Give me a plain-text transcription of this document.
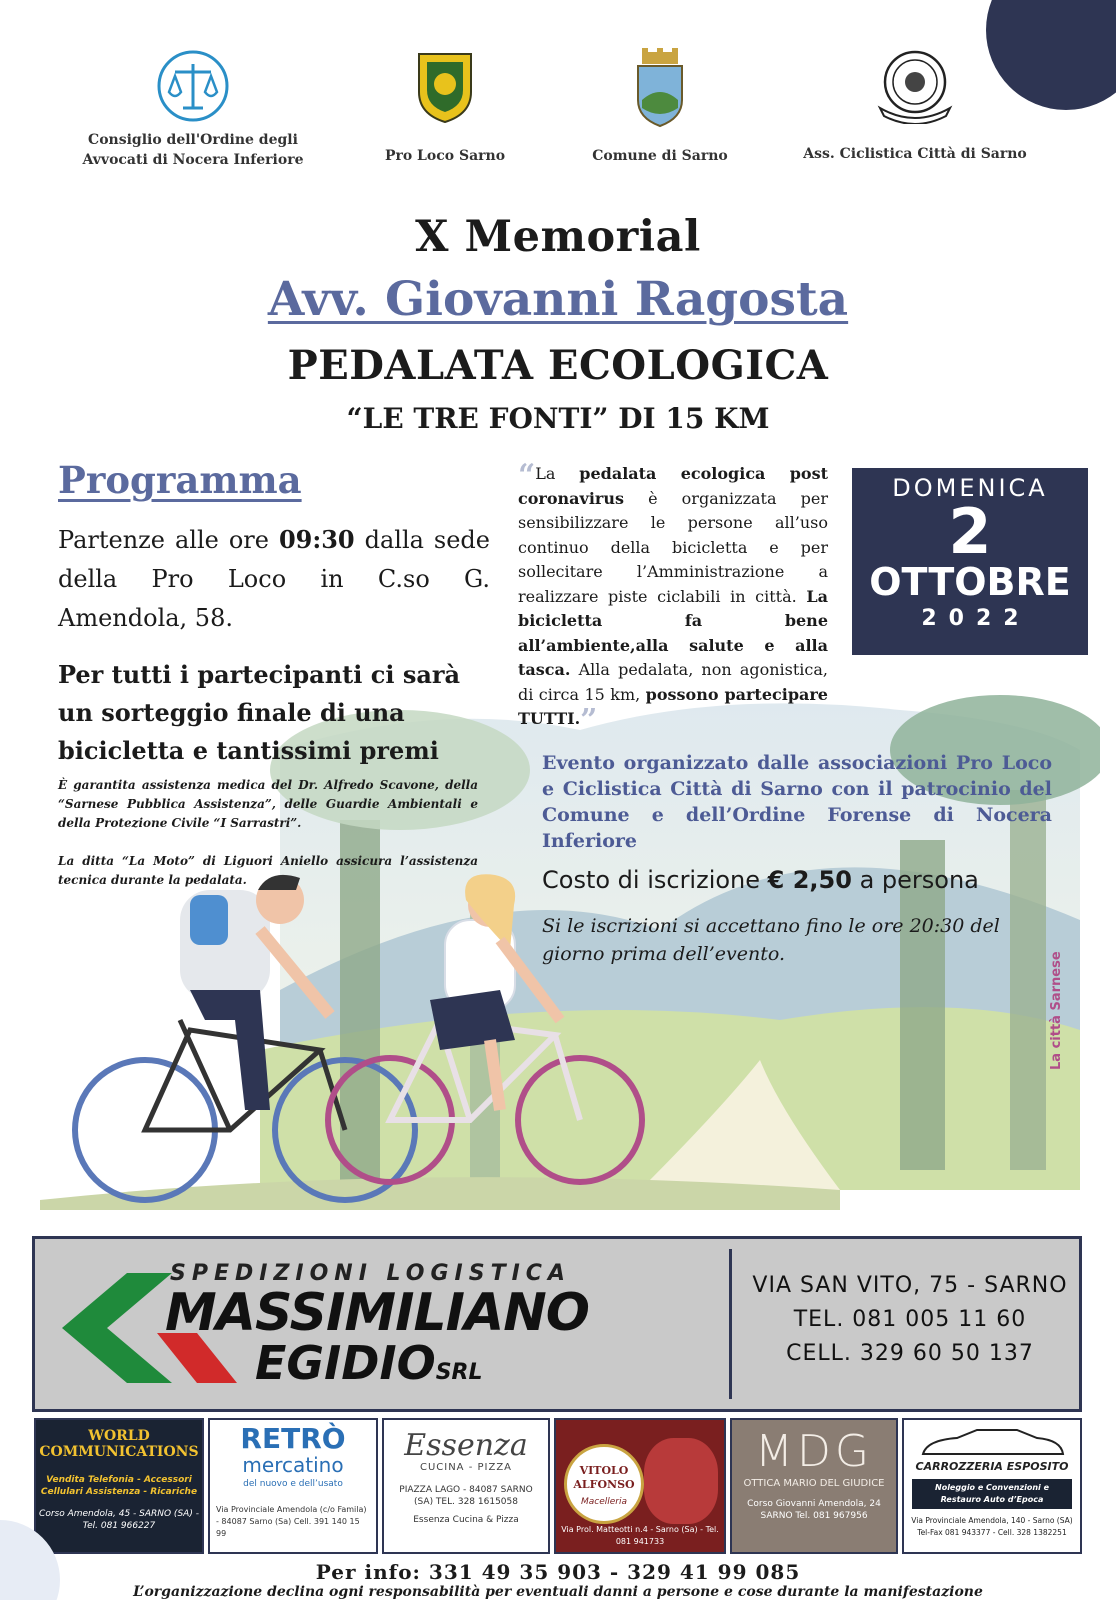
Consiglio dell'Ordine degli
Avvocati di Nocera Inferiore	Pro Loco Sarno	Comune di Sarno	Ass. Ciclistica Città di Sarno
X Memorial
Avv. Giovanni Ragosta
PEDALATA ECOLOGICA
“LE TRE FONTI” DI 15 KM
La città Sarnese
Programma
Partenze alle ore 09:30 dalla sede della Pro Loco in C.so G. Amendola, 58.
Per tutti i partecipanti ci sarà un sorteggio finale di una bicicletta e tantissimi premi
È garantita assistenza medica del Dr. Alfredo Scavone, della “Sarnese Pubblica Assistenza”, delle Guardie Ambientali e della Protezione Civile “I Sarrastri”.
La ditta “La Moto” di Liguori Aniello assicura l’assistenza tecnica durante la pedalata.
“La pedalata ecologica post coronavirus è organizzata per sensibilizzare le persone all’uso continuo della bicicletta e per sollecitare l’Amministrazione a realizzare piste ciclabili in città. La bicicletta fa bene all’ambiente,alla salute e alla tasca. Alla pedalata, non agonistica, di circa 15 km, possono partecipare TUTTI.”
DOMENICA
2
OTTOBRE
2022
Evento organizzato dalle associazioni Pro Loco e Ciclistica Città di Sarno con il patrocinio del Comune e dell’Ordine Forense di Nocera Inferiore
Costo di iscrizione € 2,50 a persona
Si le iscrizioni si accettano fino le ore 20:30 del giorno prima dell’evento.
SPEDIZIONI LOGISTICA
MASSIMILIANO
EGIDIOSRL
VIA SAN VITO, 75 - SARNO
TEL. 081 005 11 60
CELL. 329 60 50 137
WORLD COMMUNICATIONS
Vendita Telefonia - Accessori Cellulari Assistenza - Ricariche
Corso Amendola, 45 - SARNO (SA) - Tel. 081 966227
RETRÒ
mercatino
del nuovo e dell’usato
Via Provinciale Amendola (c/o Famila) - 84087 Sarno (Sa) Cell. 391 140 15 99
Essenza
CUCINA - PIZZA
PIAZZA LAGO - 84087 SARNO (SA) TEL. 328 1615058
Essenza Cucina & Pizza
VITOLO ALFONSO
Macelleria
Via Prol. Matteotti n.4 - Sarno (Sa) - Tel. 081 941733
MDG
OTTICA MARIO DEL GIUDICE
Corso Giovanni Amendola, 24 SARNO Tel. 081 967956
CARROZZERIA ESPOSITO
Noleggio e Convenzioni e Restauro Auto d’Epoca
Via Provinciale Amendola, 140 - Sarno (SA) Tel-Fax 081 943377 - Cell. 328 1382251
Per info: 331 49 35 903 - 329 41 99 085
L’organizzazione declina ogni responsabilità per eventuali danni a persone e cose durante la manifestazione
